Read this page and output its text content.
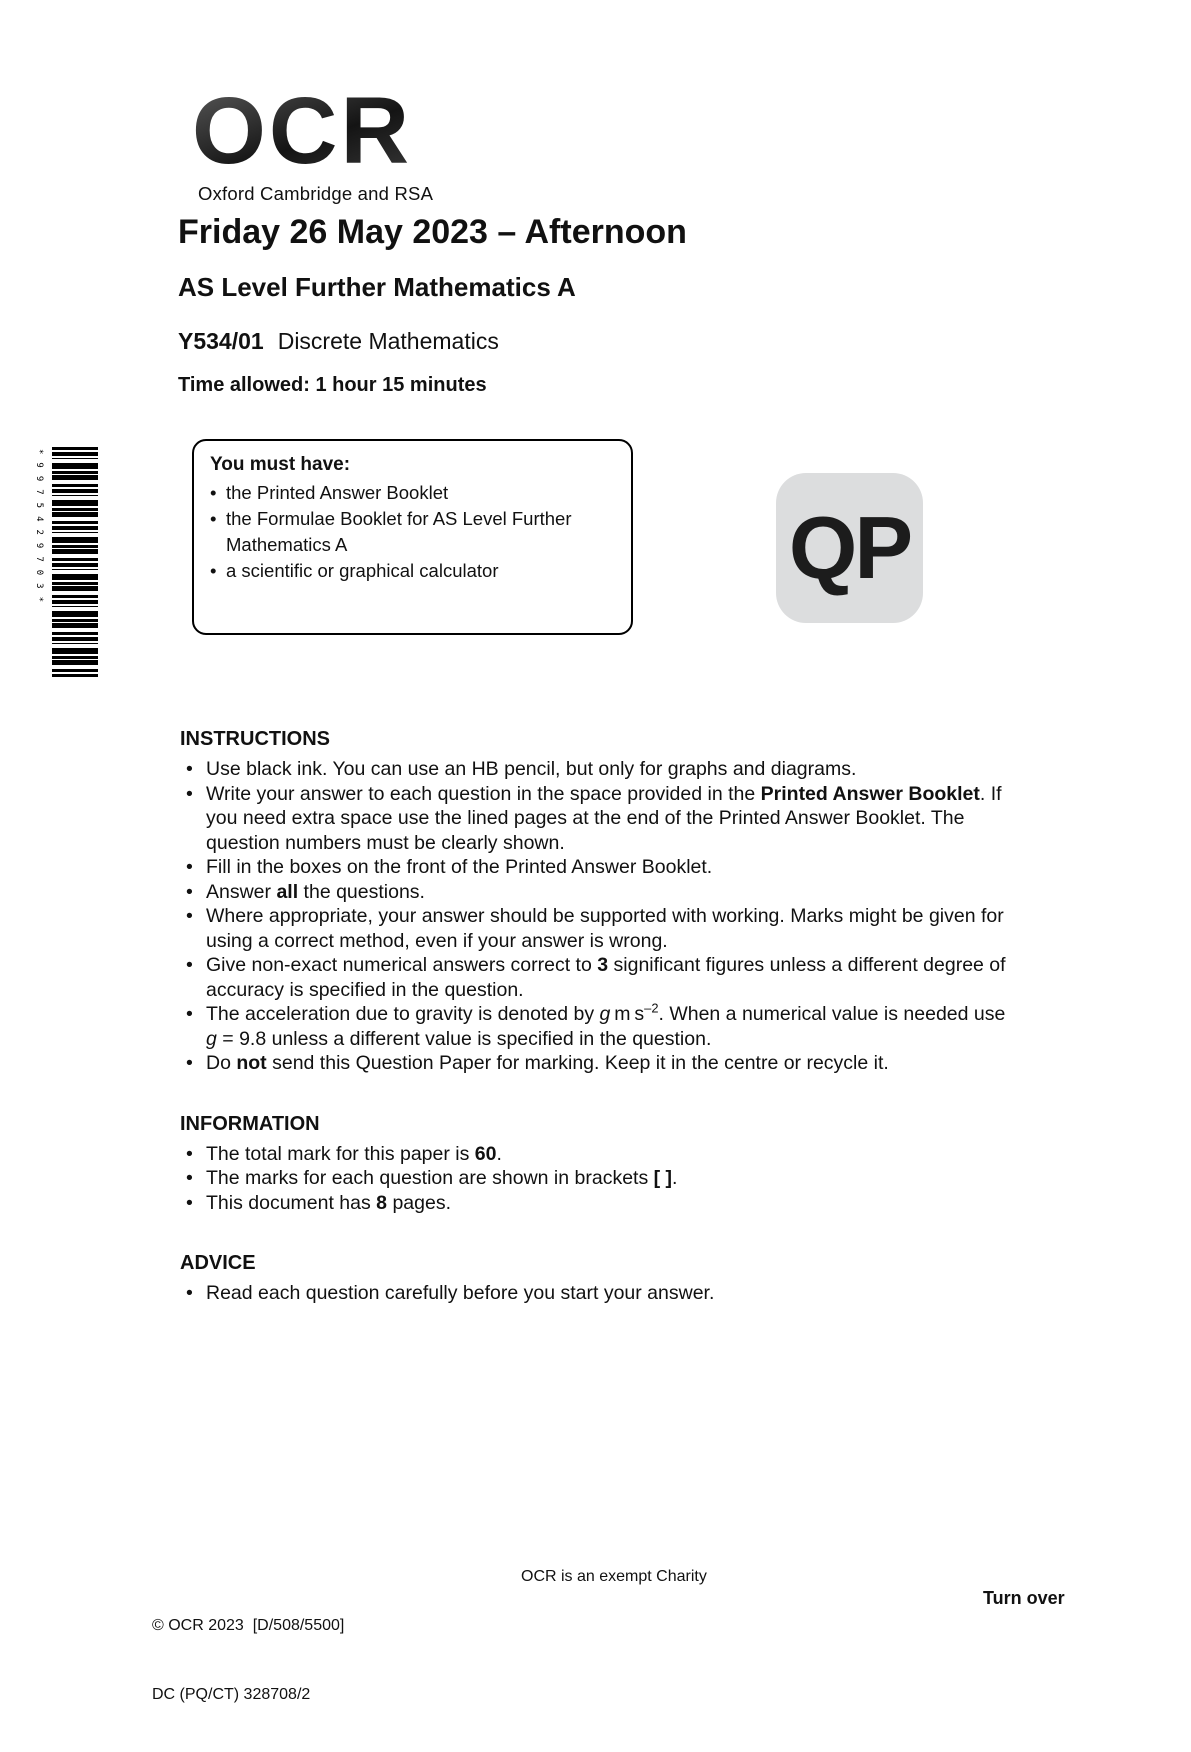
OCR
Oxford Cambridge and RSA
Friday 26 May 2023 – Afternoon
AS Level Further Mathematics A
Y534/01 Discrete Mathematics
Time allowed: 1 hour 15 minutes
*9975429703*	You must have:
• the Printed Answer Booklet
• the Formulae Booklet for AS Level Further Mathematics A
• a scientific or graphical calculator	QP
INSTRUCTIONS
• Use black ink. You can use an HB pencil, but only for graphs and diagrams.
• Write your answer to each question in the space provided in the Printed Answer Booklet. If you need extra space use the lined pages at the end of the Printed Answer Booklet. The question numbers must be clearly shown.
• Fill in the boxes on the front of the Printed Answer Booklet.
• Answer all the questions.
• Where appropriate, your answer should be supported with working. Marks might be given for using a correct method, even if your answer is wrong.
• Give non-exact numerical answers correct to 3 significant figures unless a different degree of accuracy is specified in the question.
• The acceleration due to gravity is denoted by g m $s^{-2}$. When a numerical value is needed use g = 9.8 unless a different value is specified in the question.
• Do not send this Question Paper for marking. Keep it in the centre or recycle it.
INFORMATION
• The total mark for this paper is 60.
• The marks for each question are shown in brackets [ ].
• This document has 8 pages.
ADVICE
• Read each question carefully before you start your answer.

© OCR 2023  [D/508/5500]

DC (PQ/CT) 328708/2

OCR is an exempt Charity
Turn over
